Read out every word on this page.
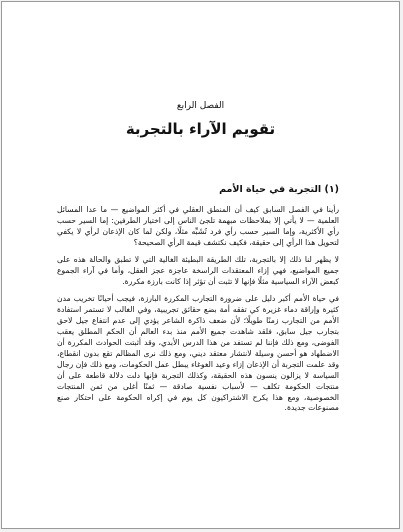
الفصل الرابع
تقويم الآراء بالتجربة
(١) التجربة في حياة الأمم

رأينا في الفصل السابق كيف أن المنطق العقلي في أكثر المواضيع — ما عدا المسائل العلمية — لا يأتي إلا بملاحظات مبهمة تلجئ الناس إلى اختيار الطرفين: إما السير حسب رأي الأكثرية، وإما السير حسب رأي فرد تُشَبِّه مثلًا، ولكن لما كان الإذعان لرأي لا يكفي لتحويل هذا الرأي إلى حقيقة، فكيف نكتشف قيمة الرأي الصحيحة؟

لا يظهر لنا ذلك إلا بالتجربة، تلك الطريقة البطيئة الغالية التي لا تطبق والحالة هذه على جميع المواضيع، فهي إزاء المعتقدات الراسخة عاجزة عجز العقل، وأما في آراء الجموع كبعض الآراء السياسية مثلًا فإنها لا تثبت أن تؤثر إذا كانت بارزة مكررة.

في حياة الأمم أكبر دليل على ضرورة التجارب المكررة البارزة، فيجب أحيانًا تخريب مدن كثيرة وإراقة دماء غزيرة كي تفقه أمة بضع حقائق تجريبية، وفي الغالب لا تستمر استفادة الأمم من التجارب زمنًا طويلًا؛ لأن ضعف ذاكرة الشاعر يؤدي إلى عدم انتفاع جيل لاحق بتجارب جيل سابق، فلقد شاهدت جميع الأمم منذ بدء العالم أن الحكم المطلق يعقب الفوضى، ومع ذلك فإننا لم تستفد من هذا الدرس الأبدي، وقد أثبتت الحوادث المكررة أن الاضطهاد هو أحسن وسيلة لانتشار معتقد ديني، ومع ذلك نرى المظالم تقع بدون انقطاع، وقد علمت التجربة أن الإذعان إزاء وعيد الغوغاء يبطل عمل الحكومات، ومع ذلك فإن رجال السياسة لا يزالون ينسون هذه الحقيقة، وكذلك التجربة فإنها دلت دلالة قاطعة على أن منتجات الحكومة تكلف — لأسباب نفسية صادقة — ثمنًا أغلى من ثمن المنتجات الخصوصية، ومع هذا يكرح الاشتراكيون كل يوم في إكراه الحكومة على احتكار صنع مصنوعات جديدة.
